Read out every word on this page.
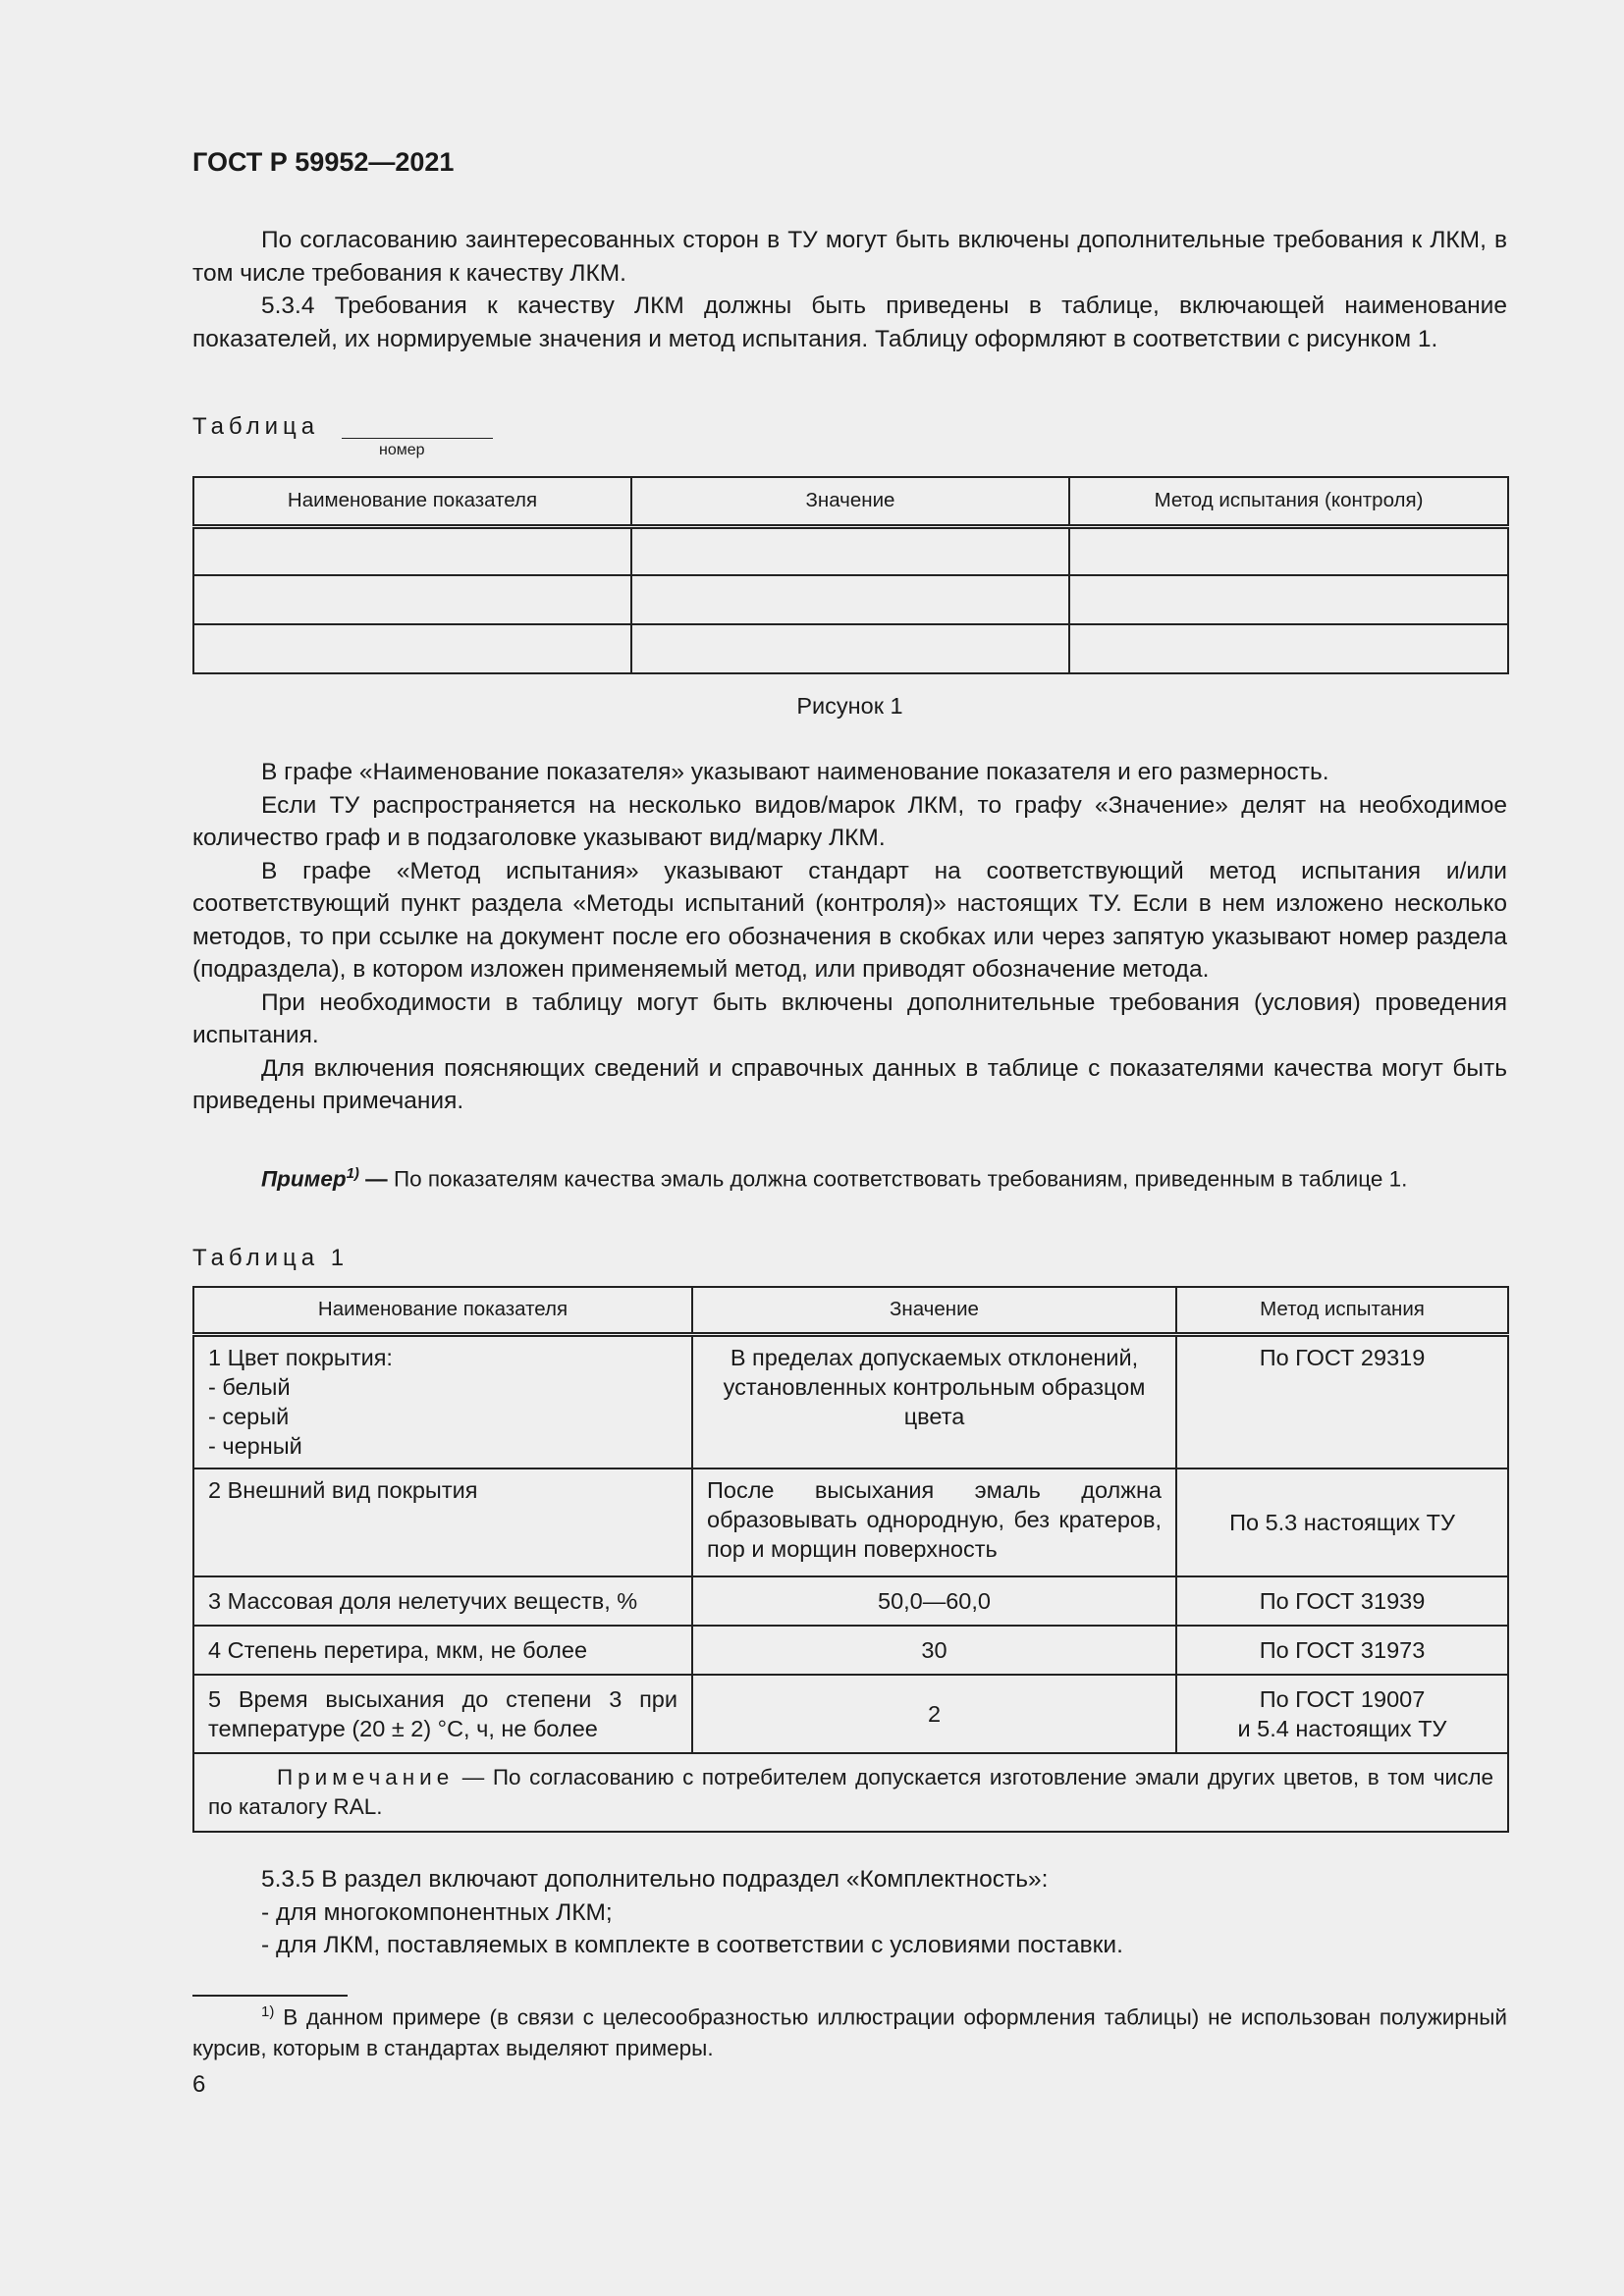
ГОСТ Р 59952—2021

По согласованию заинтересованных сторон в ТУ могут быть включены дополнительные требования к ЛКМ, в том числе требования к качеству ЛКМ.

5.3.4 Требования к качеству ЛКМ должны быть приведены в таблице, включающей наименование показателей, их нормируемые значения и метод испытания. Таблицу оформляют в соответствии с рисунком 1.

Таблица
номер
Наименование показателя	Значение	Метод испытания (контроля)

Рисунок 1

В графе «Наименование показателя» указывают наименование показателя и его размерность.

Если ТУ распространяется на несколько видов/марок ЛКМ, то графу «Значение» делят на необходимое количество граф и в подзаголовке указывают вид/марку ЛКМ.

В графе «Метод испытания» указывают стандарт на соответствующий метод испытания и/или соответствующий пункт раздела «Методы испытаний (контроля)» настоящих ТУ. Если в нем изложено несколько методов, то при ссылке на документ после его обозначения в скобках или через запятую указывают номер раздела (подраздела), в котором изложен применяемый метод, или приводят обозначение метода.

При необходимости в таблицу могут быть включены дополнительные требования (условия) проведения испытания.

Для включения поясняющих сведений и справочных данных в таблице с показателями качества могут быть приведены примечания.

Пример$^{1)}$ — По показателям качества эмаль должна соответствовать требованиям, приведенным в таблице 1.

Таблица 1
Наименование показателя	Значение	Метод испытания

1 Цвет покрытия:
- белый
- серый
- черный	В пределах допускаемых отклонений, установленных контрольным образцом цвета	По ГОСТ 29319
2 Внешний вид покрытия	После высыхания эмаль должна образовывать однородную, без кратеров, пор и морщин поверхность	По 5.3 настоящих ТУ
3 Массовая доля нелетучих веществ, %	50,0—60,0	По ГОСТ 31939
4 Степень перетира, мкм, не более	30	По ГОСТ 31973
5 Время высыхания до степени 3 при температуре (20 ± 2) °С, ч, не более	2	По ГОСТ 19007
и 5.4 настоящих ТУ

Примечание — По согласованию с потребителем допускается изготовление эмали других цветов, в том числе по каталогу RAL.		

5.3.5 В раздел включают дополнительно подраздел «Комплектность»:

- для многокомпонентных ЛКМ;

- для ЛКМ, поставляемых в комплекте в соответствии с условиями поставки.

$^{1)}$ В данном примере (в связи с целесообразностью иллюстрации оформления таблицы) не использован полужирный курсив, которым в стандартах выделяют примеры.

6
